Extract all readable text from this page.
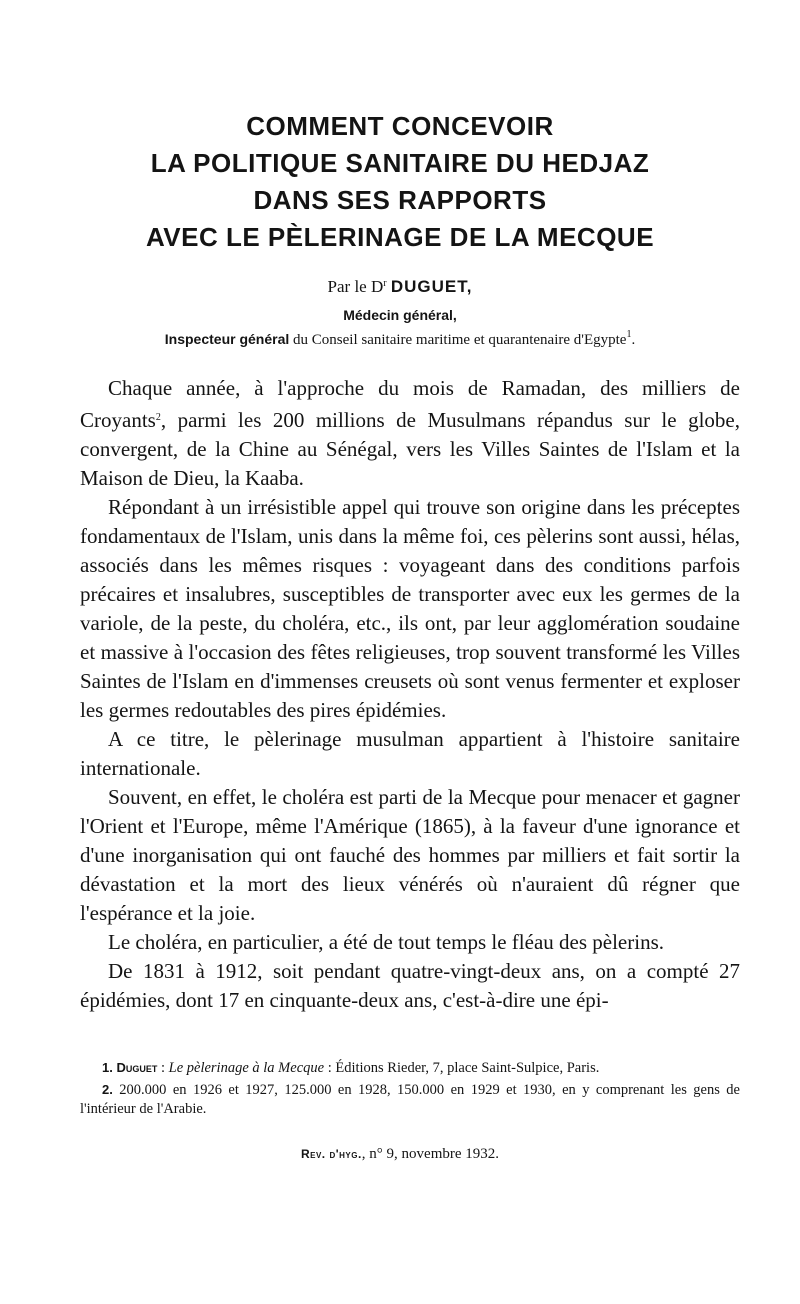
COMMENT CONCEVOIR
LA POLITIQUE SANITAIRE DU HEDJAZ
DANS SES RAPPORTS
AVEC LE PÈLERINAGE DE LA MECQUE
Par le $D^r$ DUGUET,
Médecin général,
Inspecteur général du Conseil sanitaire maritime et quarantenaire d'Egypte$^1$.

Chaque année, à l'approche du mois de Ramadan, des milliers de Croyants$^2$, parmi les 200 millions de Musulmans répandus sur le globe, convergent, de la Chine au Sénégal, vers les Villes Saintes de l'Islam et la Maison de Dieu, la Kaaba.

Répondant à un irrésistible appel qui trouve son origine dans les préceptes fondamentaux de l'Islam, unis dans la même foi, ces pèlerins sont aussi, hélas, associés dans les mêmes risques : voyageant dans des conditions parfois précaires et insalubres, susceptibles de transporter avec eux les germes de la variole, de la peste, du choléra, etc., ils ont, par leur agglomération soudaine et massive à l'occasion des fêtes religieuses, trop souvent transformé les Villes Saintes de l'Islam en d'immenses creusets où sont venus fermenter et exploser les germes redoutables des pires épidémies.

A ce titre, le pèlerinage musulman appartient à l'histoire sanitaire internationale.

Souvent, en effet, le choléra est parti de la Mecque pour menacer et gagner l'Orient et l'Europe, même l'Amérique (1865), à la faveur d'une ignorance et d'une inorganisation qui ont fauché des hommes par milliers et fait sortir la dévastation et la mort des lieux vénérés où n'auraient dû régner que l'espérance et la joie.

Le choléra, en particulier, a été de tout temps le fléau des pèlerins.

De 1831 à 1912, soit pendant quatre-vingt-deux ans, on a compté 27 épidémies, dont 17 en cinquante-deux ans, c'est-à-dire une épi-

1. Duguet : Le pèlerinage à la Mecque : Éditions Rieder, 7, place Saint-Sulpice, Paris.

2. 200.000 en 1926 et 1927, 125.000 en 1928, 150.000 en 1929 et 1930, en y comprenant les gens de l'intérieur de l'Arabie.

Rev. d'hyg., n° 9, novembre 1932.
